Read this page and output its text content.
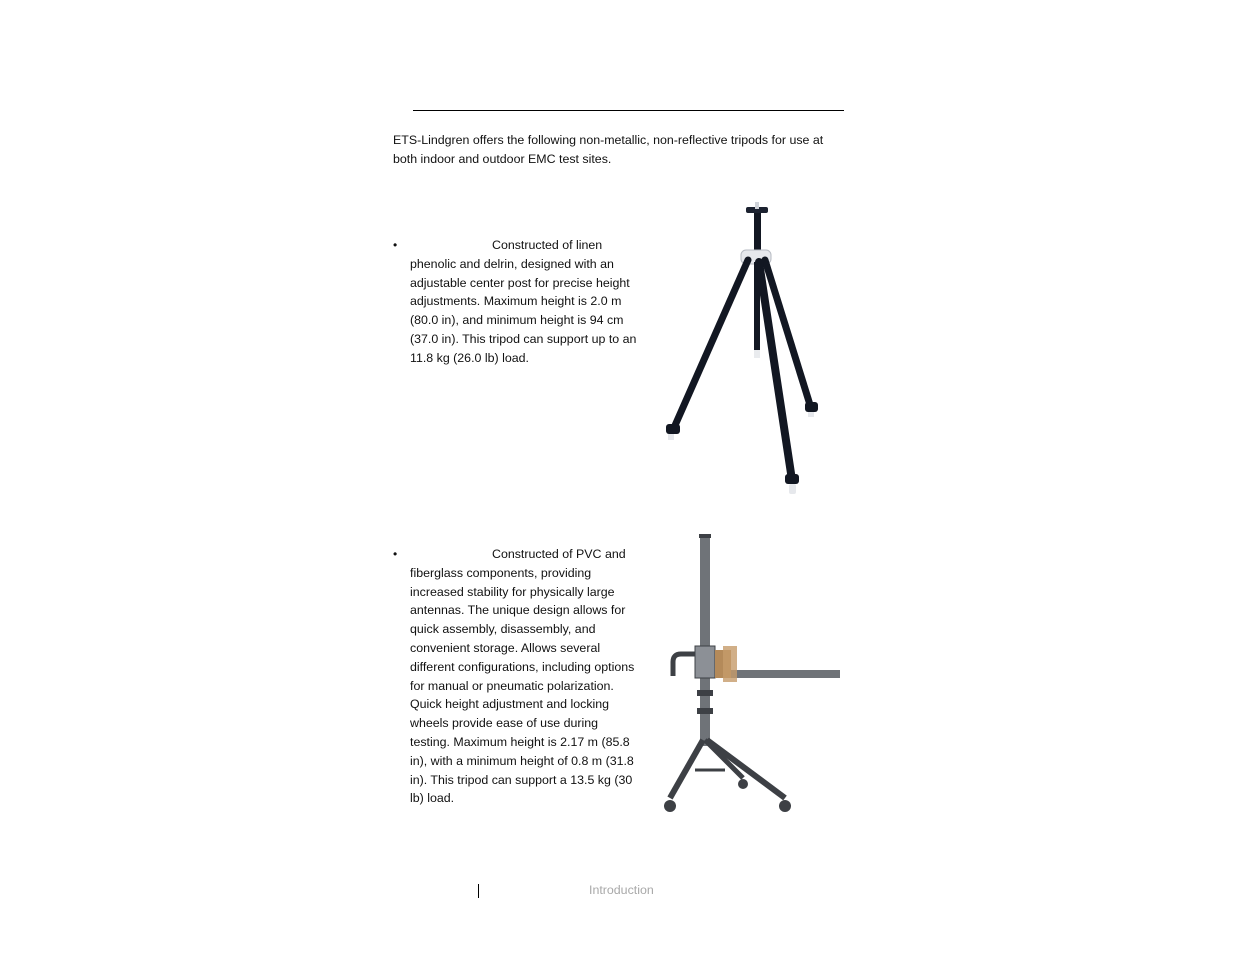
ETS-Lindgren offers the following non-metallic, non-reflective tripods for use at both indoor and outdoor EMC test sites.

•	Constructed of linen phenolic and delrin, designed with an adjustable center post for precise height adjustments. Maximum height is 2.0 m (80.0 in), and minimum height is 94 cm (37.0 in). This tripod can support up to an 11.8 kg (26.0 lb) load.
•	Constructed of PVC and fiberglass components, providing increased stability for physically large antennas. The unique design allows for quick assembly, disassembly, and convenient storage. Allows several different configurations, including options for manual or pneumatic polarization. Quick height adjustment and locking wheels provide ease of use during testing. Maximum height is 2.17 m (85.8 in), with a minimum height of 0.8 m (31.8 in). This tripod can support a 13.5 kg (30 lb) load.
Introduction
